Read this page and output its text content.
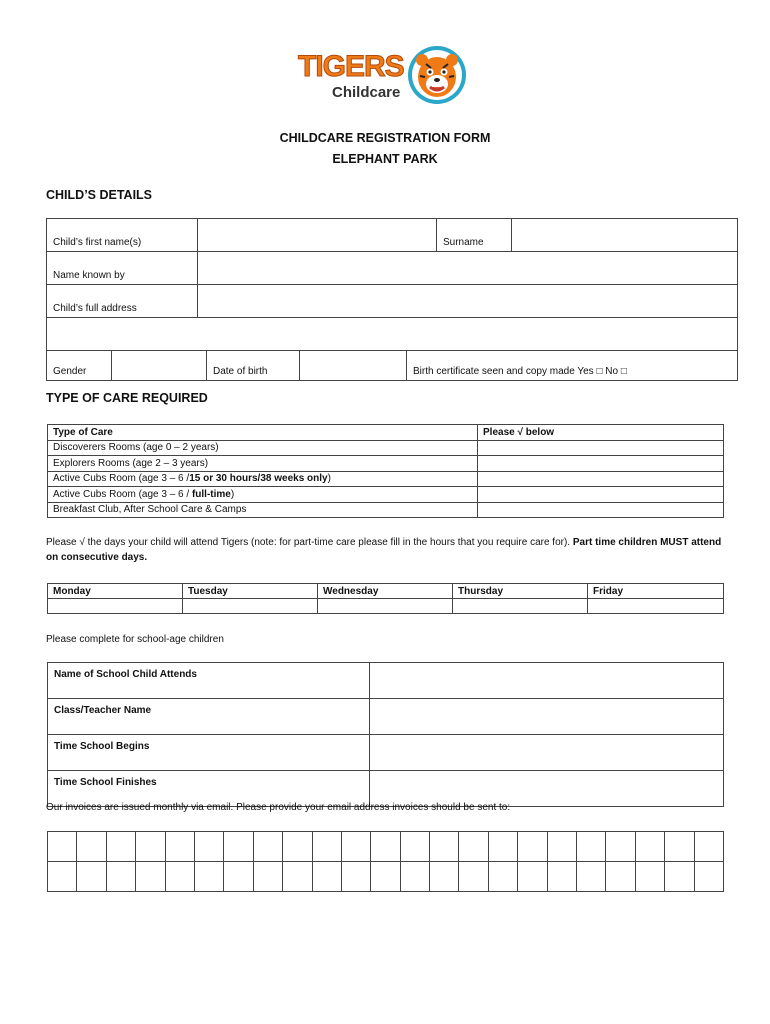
TIGERS
Childcare
CHILDCARE REGISTRATION FORM
ELEPHANT PARK
CHILD’S DETAILS
Child’s first name(s)		Surname	
Name known by			
Child’s full address			

Gender Date of birth Birth certificate seen and copy made Yes □ No □			
TYPE OF CARE REQUIRED
Type of Care	Please √ below
Discoverers Rooms (age 0 – 2 years)	
Explorers Rooms (age 2 – 3 years)	
Active Cubs Room (age 3 – 6 /15 or 30 hours/38 weeks only)	
Active Cubs Room (age 3 – 6 / full-time)	
Breakfast Club, After School Care & Camps	
Please √ the days your child will attend Tigers (note: for part-time care please fill in the hours that you require care for). Part time children MUST attend on consecutive days.
Monday	Tuesday	Wednesday	Thursday	Friday

Please complete for school-age children
Name of School Child Attends	
Class/Teacher Name	
Time School Begins	
Time School Finishes	
Our invoices are issued monthly via email. Please provide your email address invoices should be sent to:
